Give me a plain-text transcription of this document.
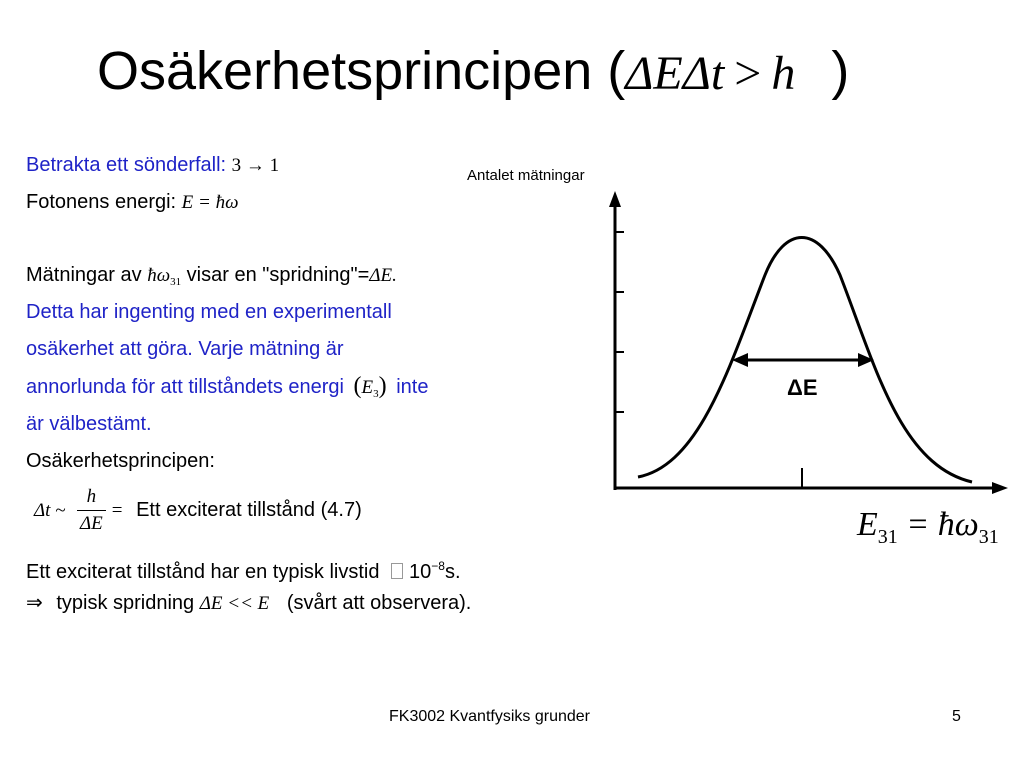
Osäkerhetsprincipen (ΔEΔt > h )
Betrakta ett sönderfall: 3 → 1
Fotonens energi: E = ħω
Mätningar av $ħ\omega_{31}$ visar en "spridning"=ΔE.
Detta har ingenting med en experimentall
osäkerhet att göra. Varje mätning är
annorlunda för att tillståndets energi $(E_3)$ inte
är välbestämt.
Osäkerhetsprincipen:
Δt ~ $\frac{h}{\Delta E}$ = Ett exciterat tillstånd (4.7)
Ett exciterat tillstånd har en typisk livstid $10^{-8}s$.
⇒ typisk spridning ΔE << E (svårt att observera).
Antalet mätningar
ΔE
$E_{31}$ = $ħ\omega_{31}$
FK3002 Kvantfysiks grunder	5
